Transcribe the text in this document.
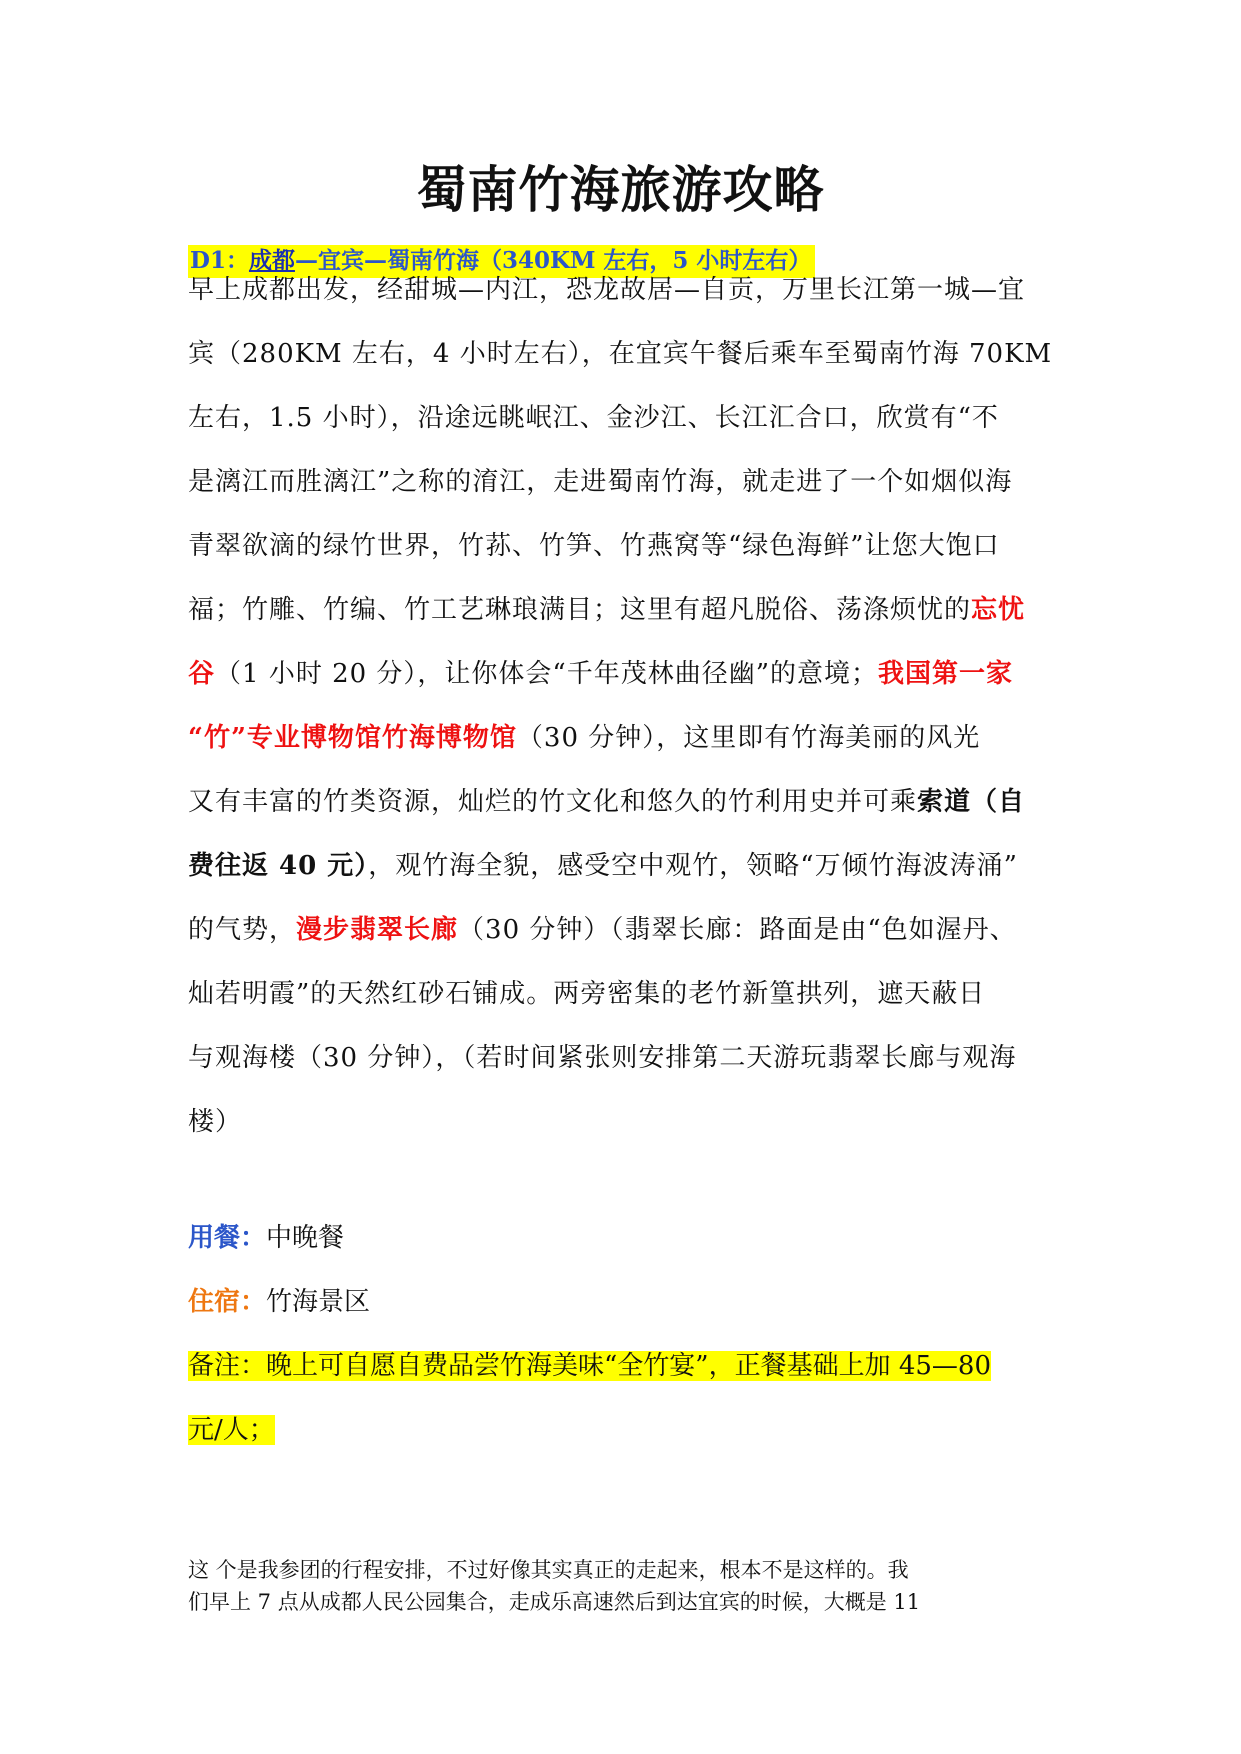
蜀南竹海旅游攻略
D1：成都—宜宾—蜀南竹海（340KM 左右，5 小时左右）
早上成都出发，经甜城—内江，恐龙故居—自贡，万里长江第一城—宜
宾（280KM 左右，4 小时左右），在宜宾午餐后乘车至蜀南竹海 70KM
左右，1.5 小时），沿途远眺岷江、金沙江、长江汇合口，欣赏有“不
是漓江而胜漓江”之称的淯江，走进蜀南竹海，就走进了一个如烟似海
青翠欲滴的绿竹世界，竹荪、竹笋、竹燕窝等“绿色海鲜”让您大饱口
福；竹雕、竹编、竹工艺琳琅满目；这里有超凡脱俗、荡涤烦忧的忘忧
谷（1 小时 20 分），让你体会“千年茂林曲径幽”的意境；我国第一家
“竹”专业博物馆竹海博物馆（30 分钟），这里即有竹海美丽的风光
又有丰富的竹类资源，灿烂的竹文化和悠久的竹利用史并可乘索道（自
费往返 40 元），观竹海全貌，感受空中观竹，领略“万倾竹海波涛涌”
的气势，漫步翡翠长廊（30 分钟）（翡翠长廊：路面是由“色如渥丹、
灿若明霞”的天然红砂石铺成。两旁密集的老竹新篁拱列，遮天蔽日
与观海楼（30 分钟），（若时间紧张则安排第二天游玩翡翠长廊与观海
楼）
用餐：中晚餐
住宿：竹海景区
备注：晚上可自愿自费品尝竹海美味“全竹宴”，正餐基础上加 45—80
元/人；
这 个是我参团的行程安排，不过好像其实真正的走起来，根本不是这样的。我
们早上 7 点从成都人民公园集合，走成乐高速然后到达宜宾的时候，大概是 11
